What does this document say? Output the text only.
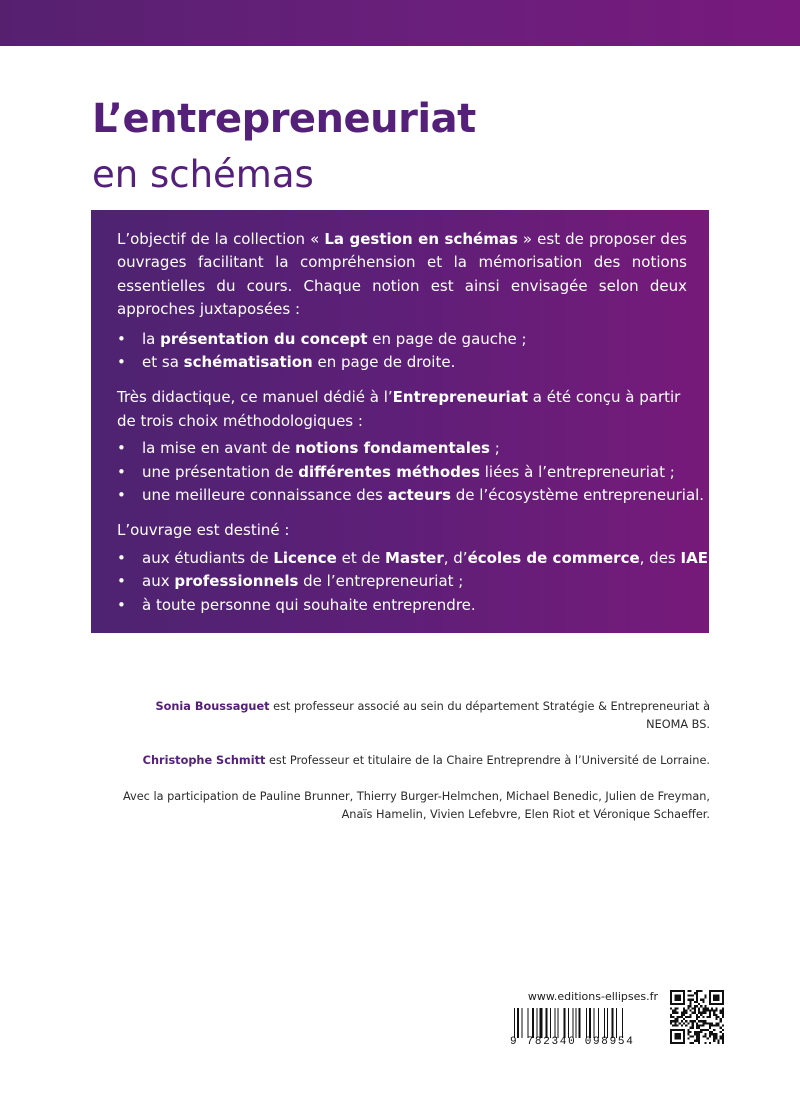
L’entrepreneuriat
en schémas

L’objectif de la collection « La gestion en schémas » est de proposer des ouvrages facilitant la compréhension et la mémorisation des notions essentielles du cours. Chaque notion est ainsi envisagée selon deux approches juxtaposées :

• la présentation du concept en page de gauche ;
• et sa schématisation en page de droite.

Très didactique, ce manuel dédié à l’Entrepreneuriat a été conçu à partir de trois choix méthodologiques :

• la mise en avant de notions fondamentales ;
• une présentation de différentes méthodes liées à l’entrepreneuriat ;
• une meilleure connaissance des acteurs de l’écosystème entrepreneurial.

L’ouvrage est destiné :

• aux étudiants de Licence et de Master, d’écoles de commerce, des IAE ;
• aux professionnels de l’entrepreneuriat ;
• à toute personne qui souhaite entreprendre.

Sonia Boussaguet est professeur associé au sein du département Stratégie & Entrepreneuriat à NEOMA BS.

Christophe Schmitt est Professeur et titulaire de la Chaire Entreprendre à l’Université de Lorraine.

Avec la participation de Pauline Brunner, Thierry Burger-Helmchen, Michael Benedic, Julien de Freyman, Anaïs Hamelin, Vivien Lefebvre, Elen Riot et Véronique Schaeffer.

www.editions-ellipses.fr
9 782340 098954
